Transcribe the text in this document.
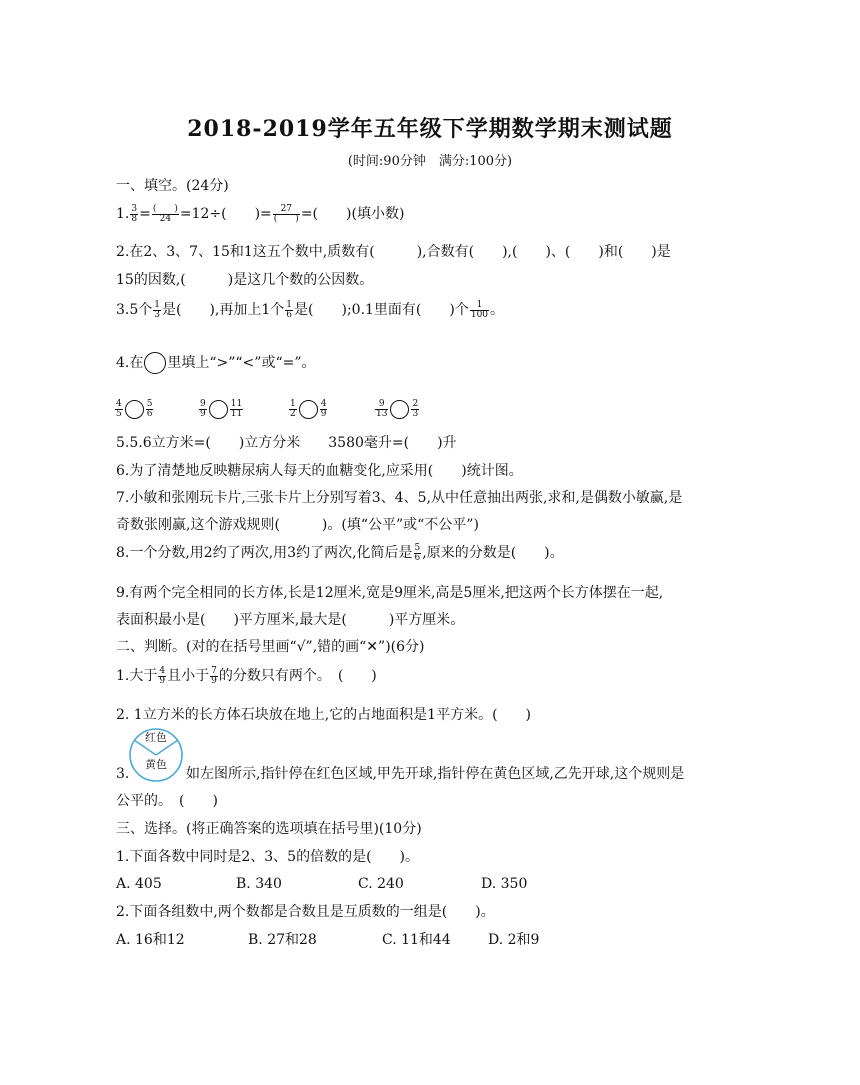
2018-2019学年五年级下学期数学期末测试题
(时间:90分钟　满分:100分)
一、填空。(24分)
1. $\frac{3}{8}$ = (　　)
24 =12÷(　　)= 27
(　　) =(　　)(填小数)
2.在2、3、7、15和1这五个数中,质数有(　　　),合数有(　　),(　　)、(　　)和(　　)是
15的因数,(　　　)是这几个数的公因数。
3.5个 $\frac{1}{3}$ 是(　　),再加上1个 $\frac{1}{6}$ 是(　　);0.1里面有(　　)个 $\frac{1}{100}$ 。
4.在 里填上“>”“<”或“=”。
$\frac{4}{5}$	$\frac{5}{6}$	$\frac{9}{9}$	$\frac{11}{11}$	$\frac{1}{2}$	$\frac{4}{9}$	$\frac{9}{13}$	$\frac{2}{3}$
5.5.6立方米=(　　)立方分米　　3580毫升=(　　)升
6.为了清楚地反映糖尿病人每天的血糖变化,应采用(　　)统计图。
7.小敏和张刚玩卡片,三张卡片上分别写着3、4、5,从中任意抽出两张,求和,是偶数小敏赢,是
奇数张刚赢,这个游戏规则(　　　)。(填“公平”或“不公平”)
8.一个分数,用2约了两次,用3约了两次,化简后是 $\frac{5}{6}$ ,原来的分数是(　　)。
9.有两个完全相同的长方体,长是12厘米,宽是9厘米,高是5厘米,把这两个长方体摆在一起,
表面积最小是(　　)平方厘米,最大是(　　　)平方厘米。
二、判断。(对的在括号里画“√”,错的画“✕”)(6分)
1.大于 $\frac{4}{9}$ 且小于 $\frac{7}{9}$ 的分数只有两个。　(　　)
2. 1立方米的长方体石块放在地上,它的占地面积是1平方米。(　　)
红色
黄色
3.	如左图所示,指针停在红色区域,甲先开球,指针停在黄色区域,乙先开球,这个规则是
公平的。　(　　)
三、选择。(将正确答案的选项填在括号里)(10分)
1.下面各数中同时是2、3、5的倍数的是(　　)。
A. 405	B. 340	C. 240	D. 350
2.下面各组数中,两个数都是合数且是互质数的一组是(　　)。
A. 16和12	B. 27和28	C. 11和44	D. 2和9
